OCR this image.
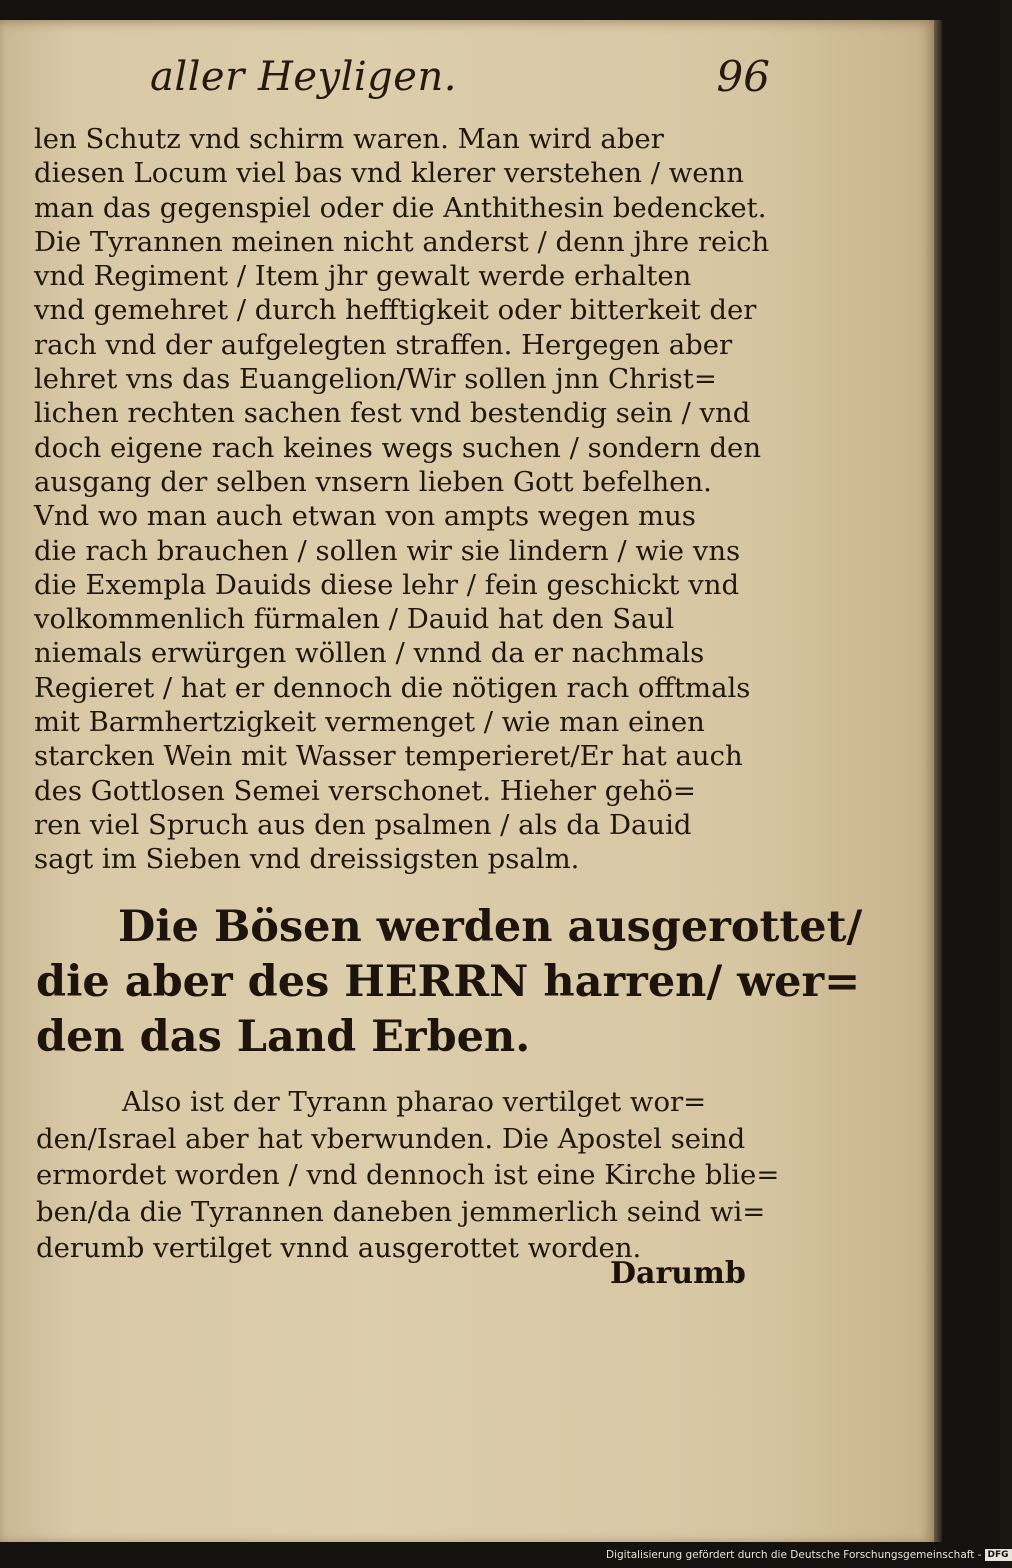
aller Heyligen.	96
len Schutz vnd schirm waren. Man wird aber
diesen Locum viel bas vnd klerer verstehen / wenn
man das gegenspiel oder die Anthithesin bedencket.
Die Tyrannen meinen nicht anderst / denn jhre reich
vnd Regiment / Item jhr gewalt werde erhalten
vnd gemehret / durch hefftigkeit oder bitterkeit der
rach vnd der aufgelegten straffen. Hergegen aber
lehret vns das Euangelion/Wir sollen jnn Christ=
lichen rechten sachen fest vnd bestendig sein / vnd
doch eigene rach keines wegs suchen / sondern den
ausgang der selben vnsern lieben Gott befelhen.
Vnd wo man auch etwan von ampts wegen mus
die rach brauchen / sollen wir sie lindern / wie vns
die Exempla Dauids diese lehr / fein geschickt vnd
volkommenlich fürmalen / Dauid hat den Saul
niemals erwürgen wöllen / vnnd da er nachmals
Regieret / hat er dennoch die nötigen rach offtmals
mit Barmhertzigkeit vermenget / wie man einen
starcken Wein mit Wasser temperieret/Er hat auch
des Gottlosen Semei verschonet. Hieher gehö=
ren viel Spruch aus den psalmen / als da Dauid
sagt im Sieben vnd dreissigsten psalm.
Die Bösen werden ausgerottet/
die aber des HERRN harren/ wer=
den das Land Erben.
Also ist der Tyrann pharao vertilget wor=
den/Israel aber hat vberwunden. Die Apostel seind
ermordet worden / vnd dennoch ist eine Kirche blie=
ben/da die Tyrannen daneben jemmerlich seind wi=
derumb vertilget vnnd ausgerottet worden.
Darumb
Digitalisierung gefördert durch die Deutsche Forschungsgemeinschaft - DFG
